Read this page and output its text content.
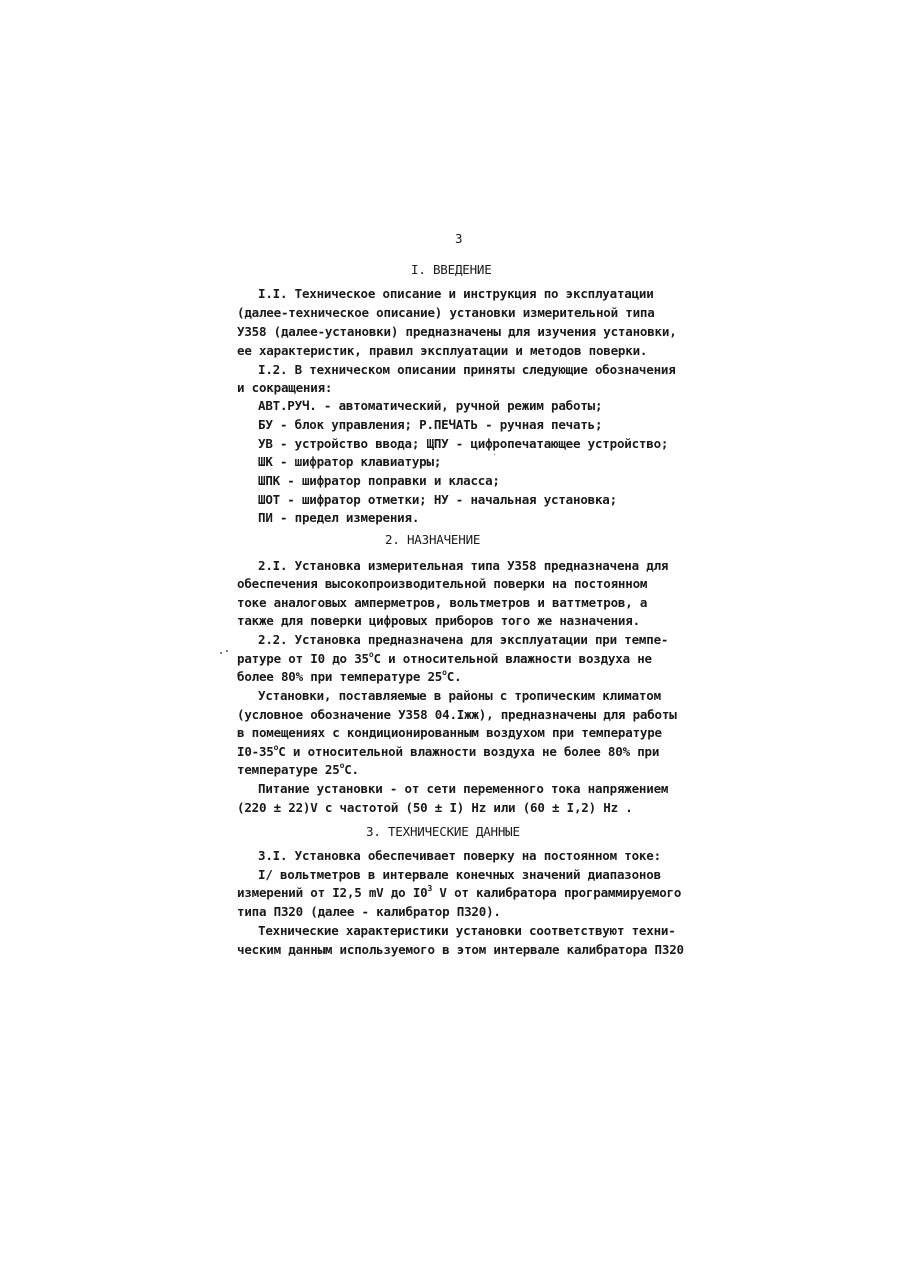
3
I. ВВЕДЕНИЕ
I.I. Техническое описание и инструкция по эксплуатации
(далее-техническое описание) установки измерительной типа
У358 (далее-установки) предназначены для изучения установки,
ее характеристик, правил эксплуатации и методов поверки.
I.2. В техническом описании приняты следующие обозначения
и сокращения:
АВТ.РУЧ. - автоматический, ручной режим работы;
БУ - блок управления; Р.ПЕЧАТЬ - ручная печать;
УВ - устройство ввода; ЩПУ - цифропечатающее устройство;
ШК - шифратор клавиатуры;
ШПК - шифратор поправки и класса;
ШОТ - шифратор отметки; НУ - начальная установка;
ПИ - предел измерения.
2. НАЗНАЧЕНИЕ
2.I. Установка измерительная типа У358 предназначена для
обеспечения высокопроизводительной поверки на постоянном
токе аналоговых амперметров, вольтметров и ваттметров, а
также для поверки цифровых приборов того же назначения.
2.2. Установка предназначена для эксплуатации при темпе-
ратуре от I0 до $35^оС$ и относительной влажности воздуха не
более 80% при температуре $25^оС$.
Установки, поставляемые в районы с тропическим климатом
(условное обозначение У358 04.Iжж), предназначены для работы
в помещениях с кондиционированным воздухом при температуре
$I0-35^оС$ и относительной влажности воздуха не более 80% при
температуре $25^оС$.
Питание установки - от сети переменного тока напряжением
(220 ± 22)V с частотой (50 ± I) Hz или (60 ± I,2) Hz .
3. ТЕХНИЧЕСКИЕ ДАННЫЕ
3.I. Установка обеспечивает поверку на постоянном токе:
I/ вольтметров в интервале конечных значений диапазонов
измерений от I2,5 mV до $I0^3$ V от калибратора программируемого
типа П320 (далее - калибратор П320).
Технические характеристики установки соответствуют техни-
ческим данным используемого в этом интервале калибратора П320
